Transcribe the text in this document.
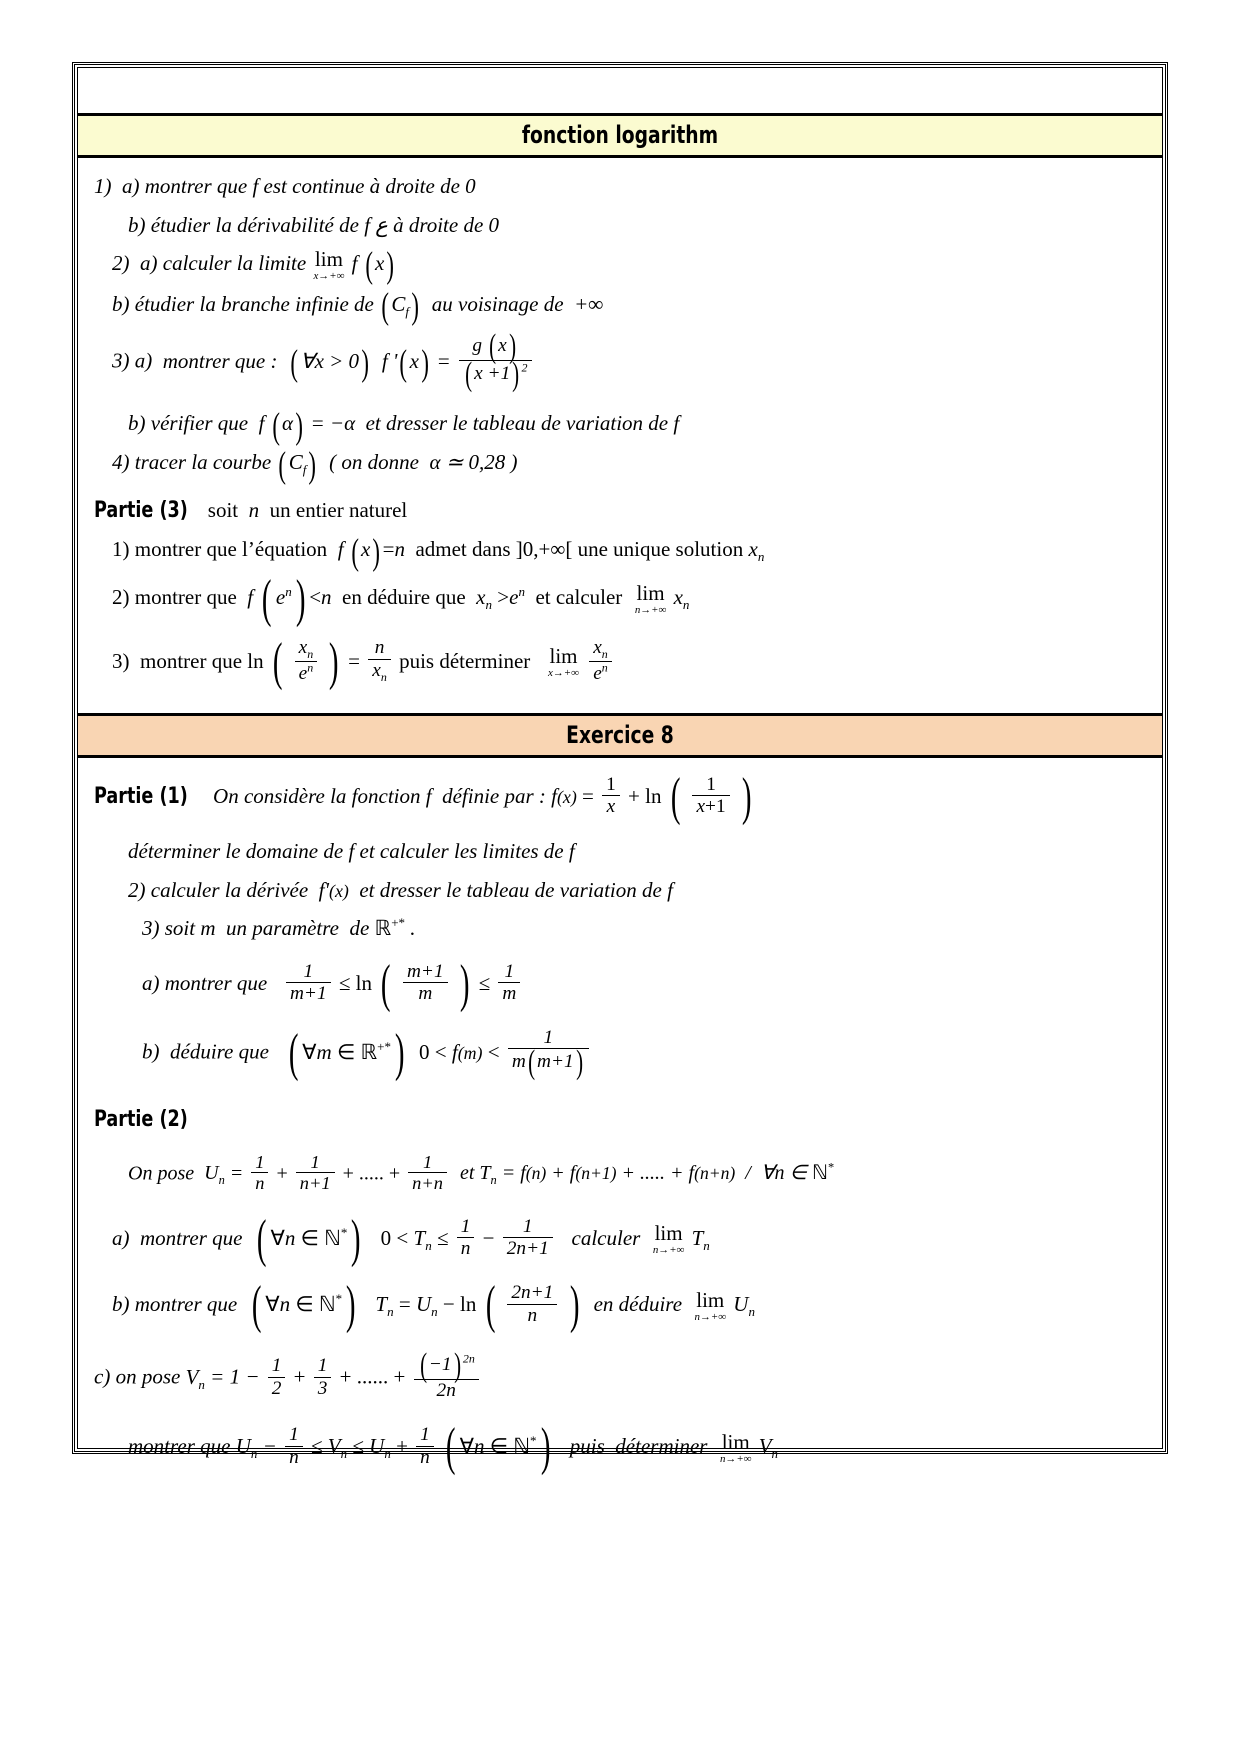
fonction logarithm
1)  a) montrer que f est continue à droite de 0
b) étudier la dérivabilité de f ع à droite de 0
2)  a) calculer la limite lim
x→+∞
f ( x)
b) étudier la branche infinie de ( $C_f$)  au voisinage de  +∞
3) a)  montrer que :  ( ∀x > 0)  f '( $x) = \frac{g ( x)}{( x +1) ^2}$
b) vérifier que  f ( α) = −α  et dresser le tableau de variation de f
4) tracer la courbe ( $C_f$)  ( on donne  α ≃ 0,28 )
Partie (3)  soit  n  un entier naturel
1) montrer que l’équation  f ( x) =n  admet dans ]0,+∞[ une unique solution $x_n$
2) montrer que  f ( $e^n) <n$  en déduire que  $x_n >e^n$  et calculer lim
n→+∞
$x_n$
3)  montrer que ln ( $\frac{x_n}{e^n}$ ) = $\frac{n}{x_n}$ puis déterminer lim
x→+∞
$\frac{x_n}{e^n}$
Exercice 8
Partie (1)   On considère la fonction f  définie par : $f(x) = \frac{1}{x} + \ln$ ( $\frac{1}{x+1}$ )
déterminer le domaine de f et calculer les limites de f
2) calculer la dérivée  f'(x)  et dresser le tableau de variation de f
3) soit m  un paramètre  de ℝ+* .
a) montrer que $\frac{1}{m+1} \le \ln$ ( $\frac{m+1}{m}$ ) ≤ $\frac{1}{m}$
b)  déduire que   ( ∀m ∈ ℝ+*)  $0 < f(m) < \frac{1}{m( m+1)}$
Partie (2)
On pose  $U_n = \frac{1}{n} + \frac{1}{n+1}$ + ..... + $\frac{1}{n+n}$ et $T_n = f(n) + f(n+1)$ + ..... + f(n+n)  /  ∀n ∈ ℕ*
a)  montrer que  ( ∀n ∈ ℕ*)   $0 < T_n \le \frac{1}{n} - \frac{1}{2n+1}$ calculer lim
n→+∞
$T_n$
b) montrer que  ( ∀n ∈ ℕ*) $T_n = U_n - \ln$ ( $\frac{2n+1}{n}$ )  en déduire lim
n→+∞
$U_n$
c) on pose $V_n = 1 - \frac{1}{2} + \frac{1}{3}$ + ...... + $\frac{( -1) ^{2n}}{2n}$
montrer que $U_n - \frac{1}{n} \le V_n \le U_n + \frac{1}{n}$ ( ∀n ∈ ℕ*)   puis  déterminer lim
n→+∞
$V_n$
